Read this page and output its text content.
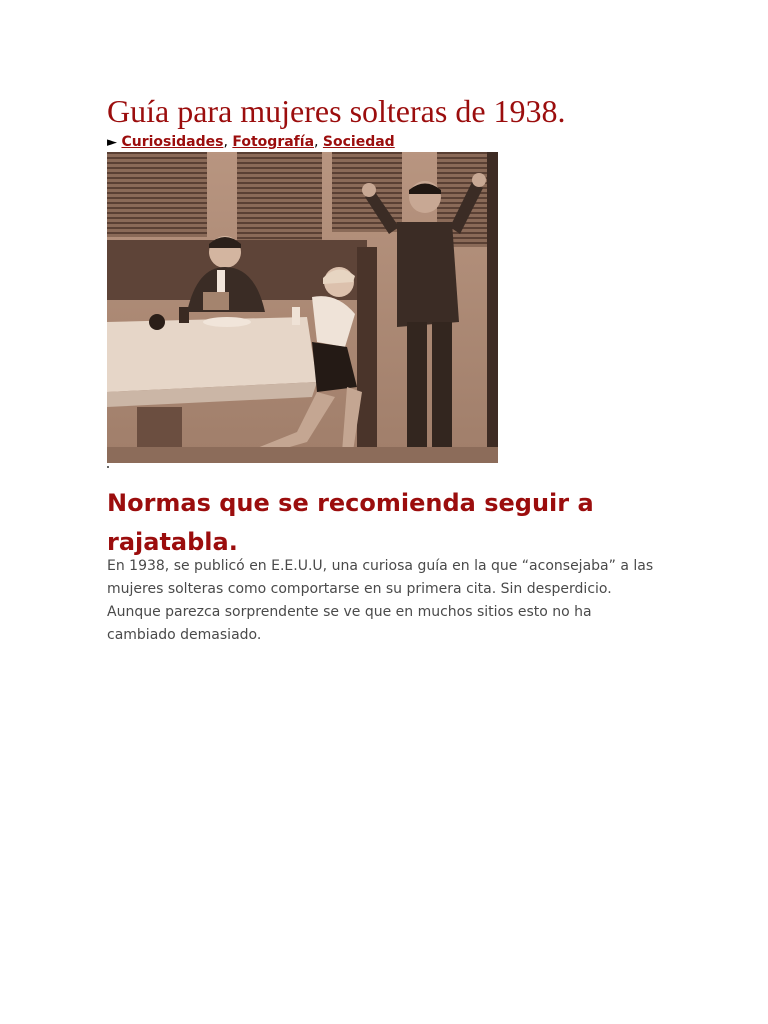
Guía para mujeres solteras de 1938.
► Curiosidades, Fotografía, Sociedad
Normas que se recomienda seguir a rajatabla.

En 1938, se publicó en E.E.U.U, una curiosa guía en la que “aconsejaba” a las mujeres solteras como comportarse en su primera cita. Sin desperdicio. Aunque parezca sorprendente se ve que en muchos sitios esto no ha cambiado demasiado.
